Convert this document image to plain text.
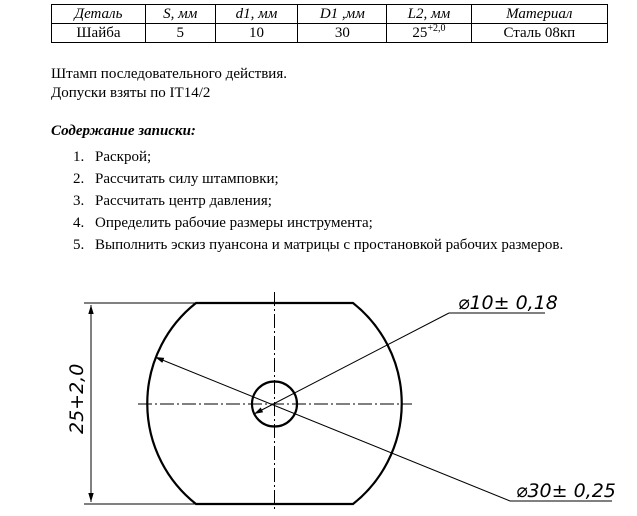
Деталь	S, мм	d1, мм	D1 ,мм	L2, мм	Материал
Шайба	5	10	30	$25^{+2,0}$	Сталь 08кп
Штамп последовательного действия.
Допуски взяты по IT14/2
Содержание записки:
1. Раскрой;
2. Рассчитать силу штамповки;
3. Рассчитать центр давления;
4. Определить рабочие размеры инструмента;
5. Выполнить эскиз пуансона и матрицы с простановкой рабочих размеров.
25+2,0
⌀10± 0,18
⌀30± 0,25
